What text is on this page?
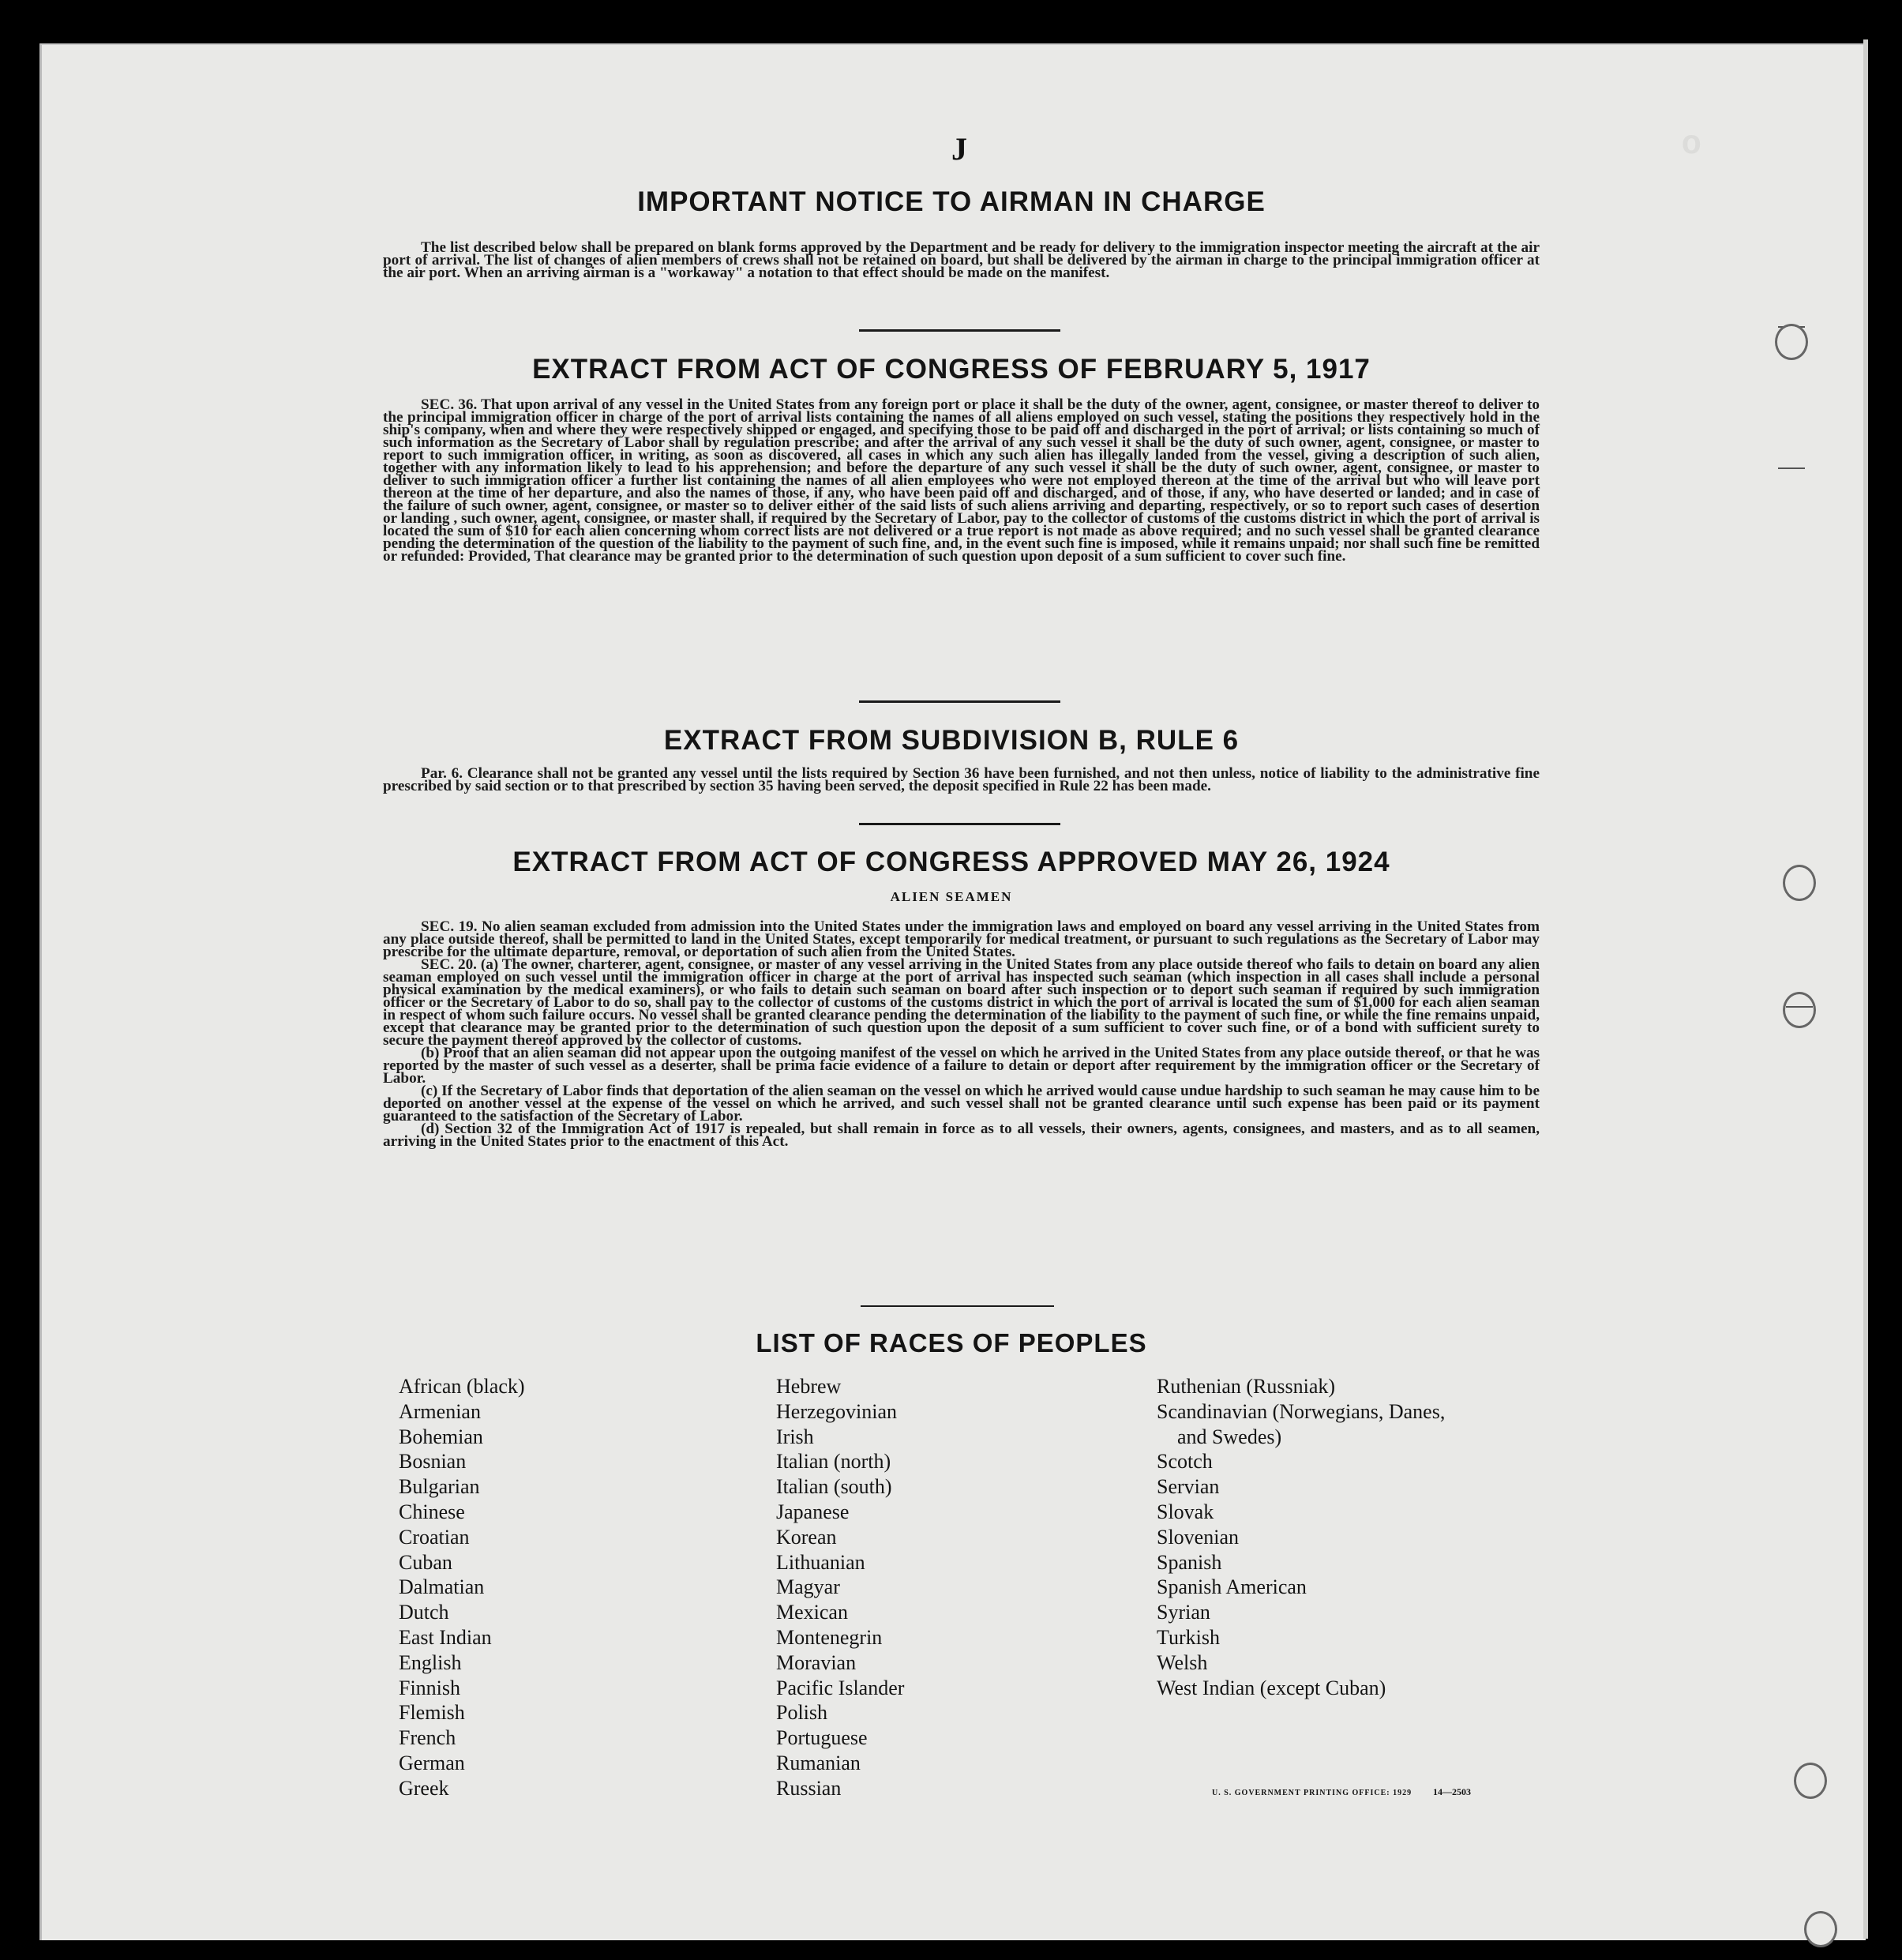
ₒ
J
IMPORTANT NOTICE TO AIRMAN IN CHARGE
The list described below shall be prepared on blank forms approved by the Department and be ready for delivery to the immigration inspector meeting the aircraft at the air port of arrival. The list of changes of alien members of crews shall not be retained on board, but shall be delivered by the airman in charge to the principal immigration officer at the air port. When an arriving airman is a "workaway" a notation to that effect should be made on the manifest.
EXTRACT FROM ACT OF CONGRESS OF FEBRUARY 5, 1917

SEC. 36. That upon arrival of any vessel in the United States from any foreign port or place it shall be the duty of the owner, agent, consignee, or master thereof to deliver to the principal immigration officer in charge of the port of arrival lists containing the names of all aliens employed on such vessel, stating the positions they respectively hold in the ship's company, when and where they were respectively shipped or engaged, and specifying those to be paid off and discharged in the port of arrival; or lists containing so much of such information as the Secretary of Labor shall by regulation prescribe; and after the arrival of any such vessel it shall be the duty of such owner, agent, consignee, or master to report to such immigration officer, in writing, as soon as discovered, all cases in which any such alien has illegally landed from the vessel, giving a description of such alien, together with any information likely to lead to his apprehension; and before the departure of any such vessel it shall be the duty of such owner, agent, consignee, or master to deliver to such immigration officer a further list containing the names of all alien employees who were not employed thereon at the time of the arrival but who will leave port thereon at the time of her departure, and also the names of those, if any, who have been paid off and discharged, and of those, if any, who have deserted or landed; and in case of the failure of such owner, agent, consignee, or master so to deliver either of the said lists of such aliens arriving and departing, respectively, or so to report such cases of desertion or landing , such owner, agent, consignee, or master shall, if required by the Secretary of Labor, pay to the collector of customs of the customs district in which the port of arrival is located the sum of $10 for each alien concerning whom correct lists are not delivered or a true report is not made as above required; and no such vessel shall be granted clearance pending the determination of the question of the liability to the payment of such fine, and, in the event such fine is imposed, while it remains unpaid; nor shall such fine be remitted or refunded: Provided, That clearance may be granted prior to the determination of such question upon deposit of a sum sufficient to cover such fine.

EXTRACT FROM SUBDIVISION B, RULE 6

Par. 6. Clearance shall not be granted any vessel until the lists required by Section 36 have been furnished, and not then unless, notice of liability to the administrative fine prescribed by said section or to that prescribed by section 35 having been served, the deposit specified in Rule 22 has been made.

EXTRACT FROM ACT OF CONGRESS APPROVED MAY 26, 1924
ALIEN SEAMEN

SEC. 19. No alien seaman excluded from admission into the United States under the immigration laws and employed on board any vessel arriving in the United States from any place outside thereof, shall be permitted to land in the United States, except temporarily for medical treatment, or pursuant to such regulations as the Secretary of Labor may prescribe for the ultimate departure, removal, or deportation of such alien from the United States.

SEC. 20. (a) The owner, charterer, agent, consignee, or master of any vessel arriving in the United States from any place outside thereof who fails to detain on board any alien seaman employed on such vessel until the immigration officer in charge at the port of arrival has inspected such seaman (which inspection in all cases shall include a personal physical examination by the medical examiners), or who fails to detain such seaman on board after such inspection or to deport such seaman if required by such immigration officer or the Secretary of Labor to do so, shall pay to the collector of customs of the customs district in which the port of arrival is located the sum of $1,000 for each alien seaman in respect of whom such failure occurs. No vessel shall be granted clearance pending the determination of the liability to the payment of such fine, or while the fine remains unpaid, except that clearance may be granted prior to the determination of such question upon the deposit of a sum sufficient to cover such fine, or of a bond with sufficient surety to secure the payment thereof approved by the collector of customs.

(b) Proof that an alien seaman did not appear upon the outgoing manifest of the vessel on which he arrived in the United States from any place outside thereof, or that he was reported by the master of such vessel as a deserter, shall be prima facie evidence of a failure to detain or deport after requirement by the immigration officer or the Secretary of Labor.

(c) If the Secretary of Labor finds that deportation of the alien seaman on the vessel on which he arrived would cause undue hardship to such seaman he may cause him to be deported on another vessel at the expense of the vessel on which he arrived, and such vessel shall not be granted clearance until such expense has been paid or its payment guaranteed to the satisfaction of the Secretary of Labor.

(d) Section 32 of the Immigration Act of 1917 is repealed, but shall remain in force as to all vessels, their owners, agents, consignees, and masters, and as to all seamen, arriving in the United States prior to the enactment of this Act.

LIST OF RACES OF PEOPLES
African (black)
Armenian
Bohemian
Bosnian
Bulgarian
Chinese
Croatian
Cuban
Dalmatian
Dutch
East Indian
English
Finnish
Flemish
French
German
Greek
Hebrew
Herzegovinian
Irish
Italian (north)
Italian (south)
Japanese
Korean
Lithuanian
Magyar
Mexican
Montenegrin
Moravian
Pacific Islander
Polish
Portuguese
Rumanian
Russian
Ruthenian (Russniak)
Scandinavian (Norwegians, Danes,
and Swedes)
Scotch
Servian
Slovak
Slovenian
Spanish
Spanish American
Syrian
Turkish
Welsh
West Indian (except Cuban)
U. S. GOVERNMENT PRINTING OFFICE: 1929 14—2503
